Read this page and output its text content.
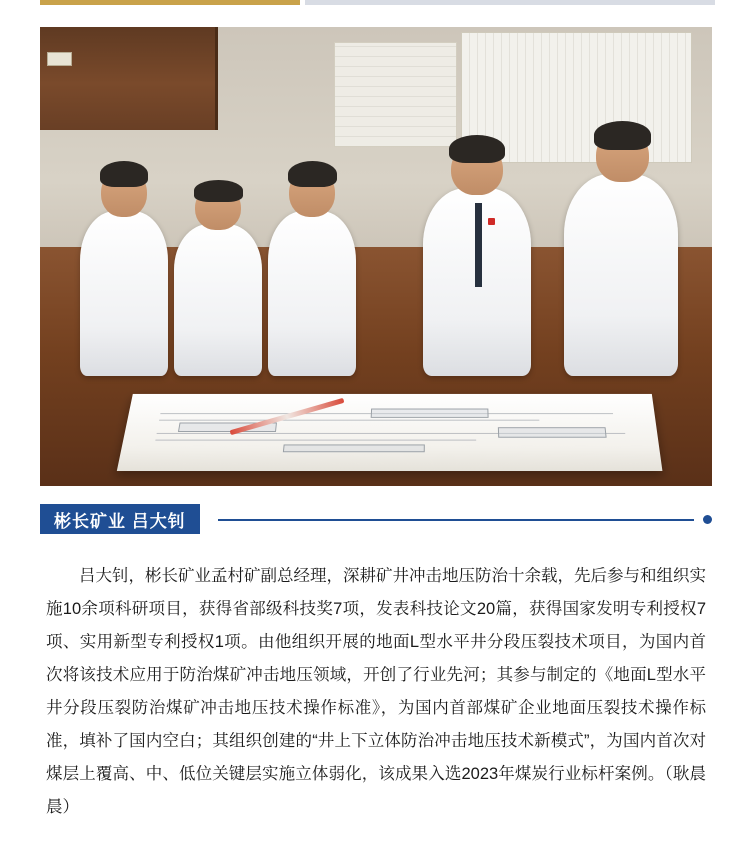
彬长矿业 吕大钊
吕大钊，彬长矿业孟村矿副总经理，深耕矿井冲击地压防治十余载，先后参与和组织实施10余项科研项目，获得省部级科技奖7项，发表科技论文20篇，获得国家发明专利授权7项、实用新型专利授权1项。由他组织开展的地面L型水平井分段压裂技术项目，为国内首次将该技术应用于防治煤矿冲击地压领域，开创了行业先河；其参与制定的《地面L型水平井分段压裂防治煤矿冲击地压技术操作标准》，为国内首部煤矿企业地面压裂技术操作标准，填补了国内空白；其组织创建的“井上下立体防治冲击地压技术新模式”，为国内首次对煤层上覆高、中、低位关键层实施立体弱化，该成果入选2023年煤炭行业标杆案例。（耿晨晨）
